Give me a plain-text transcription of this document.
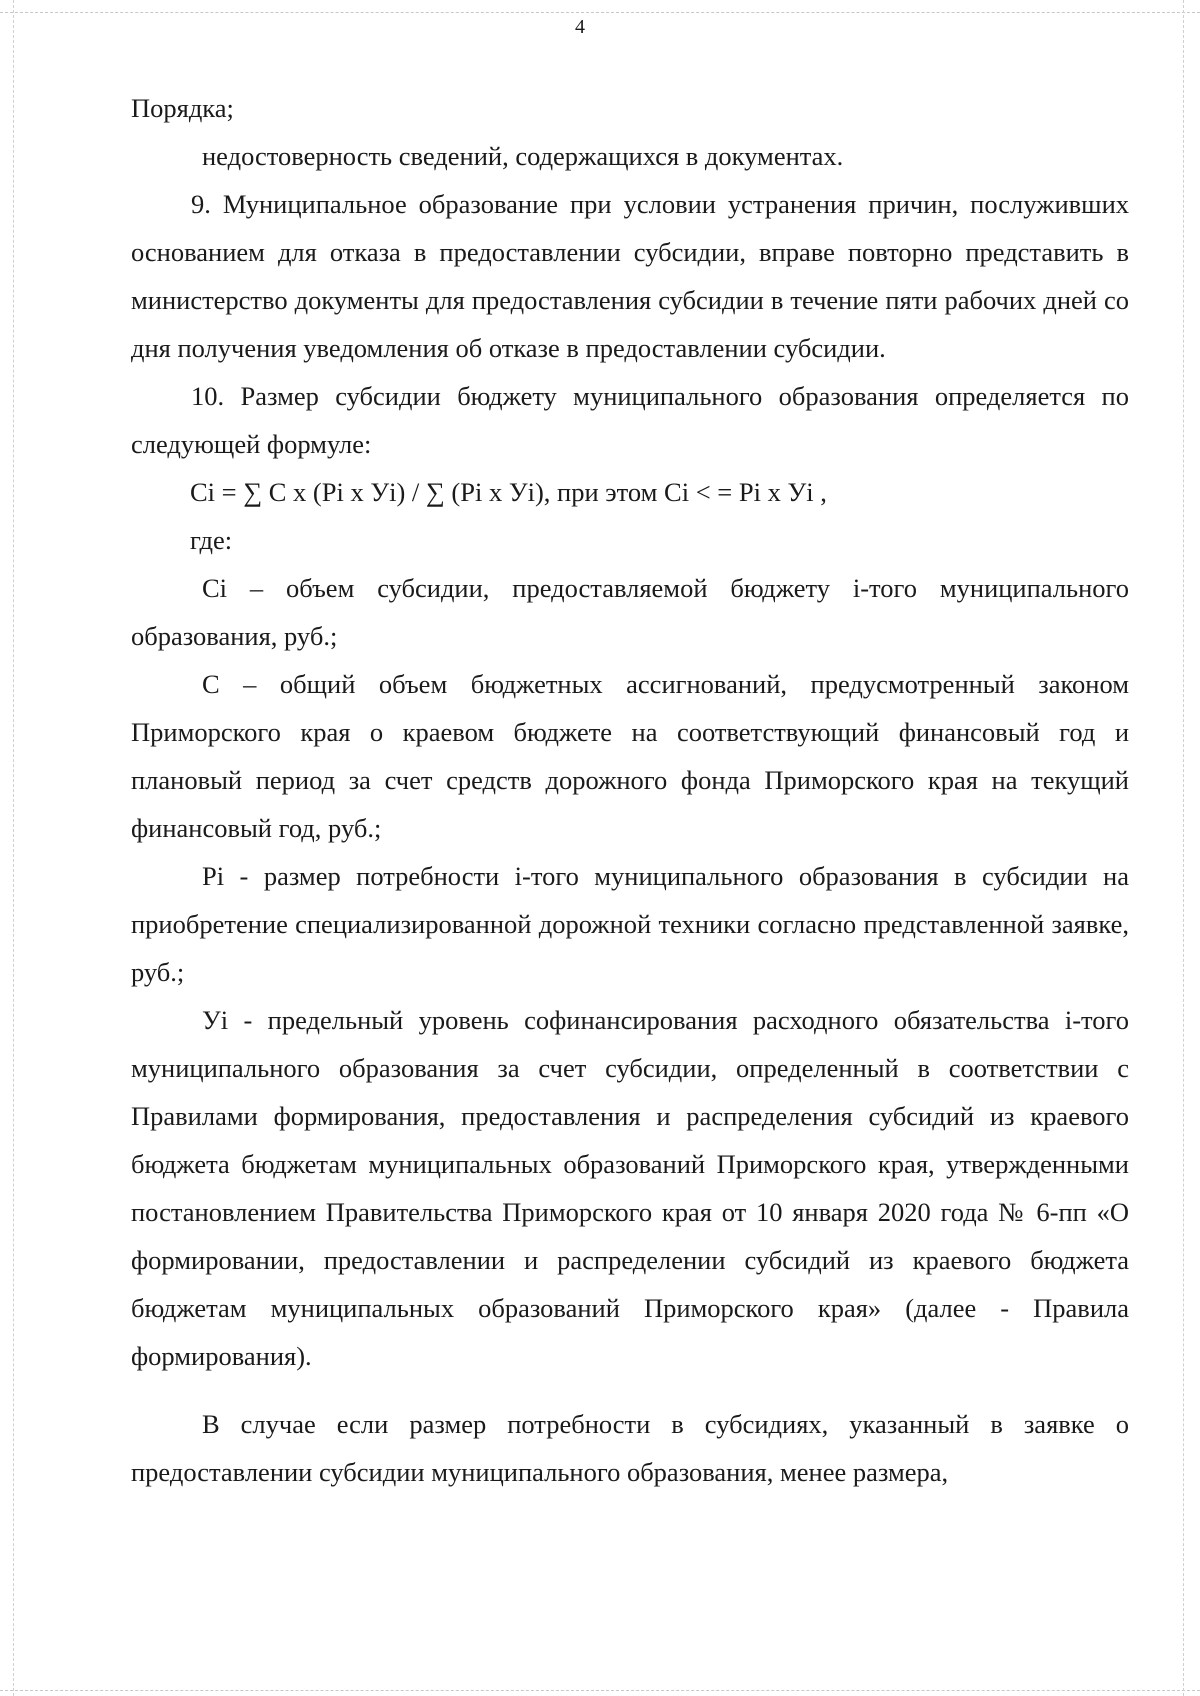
4

Порядка;

недостоверность сведений, содержащихся в документах.

9. Муниципальное образование при условии устранения причин, послуживших основанием для отказа в предоставлении субсидии, вправе повторно представить в министерство документы для предоставления субсидии в течение пяти рабочих дней со дня получения уведомления об отказе в предоставлении субсидии.

10. Размер субсидии бюджету муниципального образования определяется по следующей формуле:

Ci = ∑ С х (Pi х Уi) / ∑ (Pi х Уi), при этом Ci < = Pi х Уi ,

где:

Ci – объем субсидии, предоставляемой бюджету i-того муниципального образования, руб.;

С – общий объем бюджетных ассигнований, предусмотренный законом Приморского края о краевом бюджете на соответствующий финансовый год и плановый период за счет средств дорожного фонда Приморского края на текущий финансовый год, руб.;

Pi - размер потребности i-того муниципального образования в субсидии на приобретение специализированной дорожной техники согласно представленной заявке, руб.;

Уi - предельный уровень софинансирования расходного обязательства i-того муниципального образования за счет субсидии, определенный в соответствии с Правилами формирования, предоставления и распределения субсидий из краевого бюджета бюджетам муниципальных образований Приморского края, утвержденными постановлением Правительства Приморского края от 10 января 2020 года № 6-пп «О формировании, предоставлении и распределении субсидий из краевого бюджета бюджетам муниципальных образований Приморского края» (далее - Правила формирования).

В случае если размер потребности в субсидиях, указанный в заявке о предоставлении субсидии муниципального образования, менее размера,
